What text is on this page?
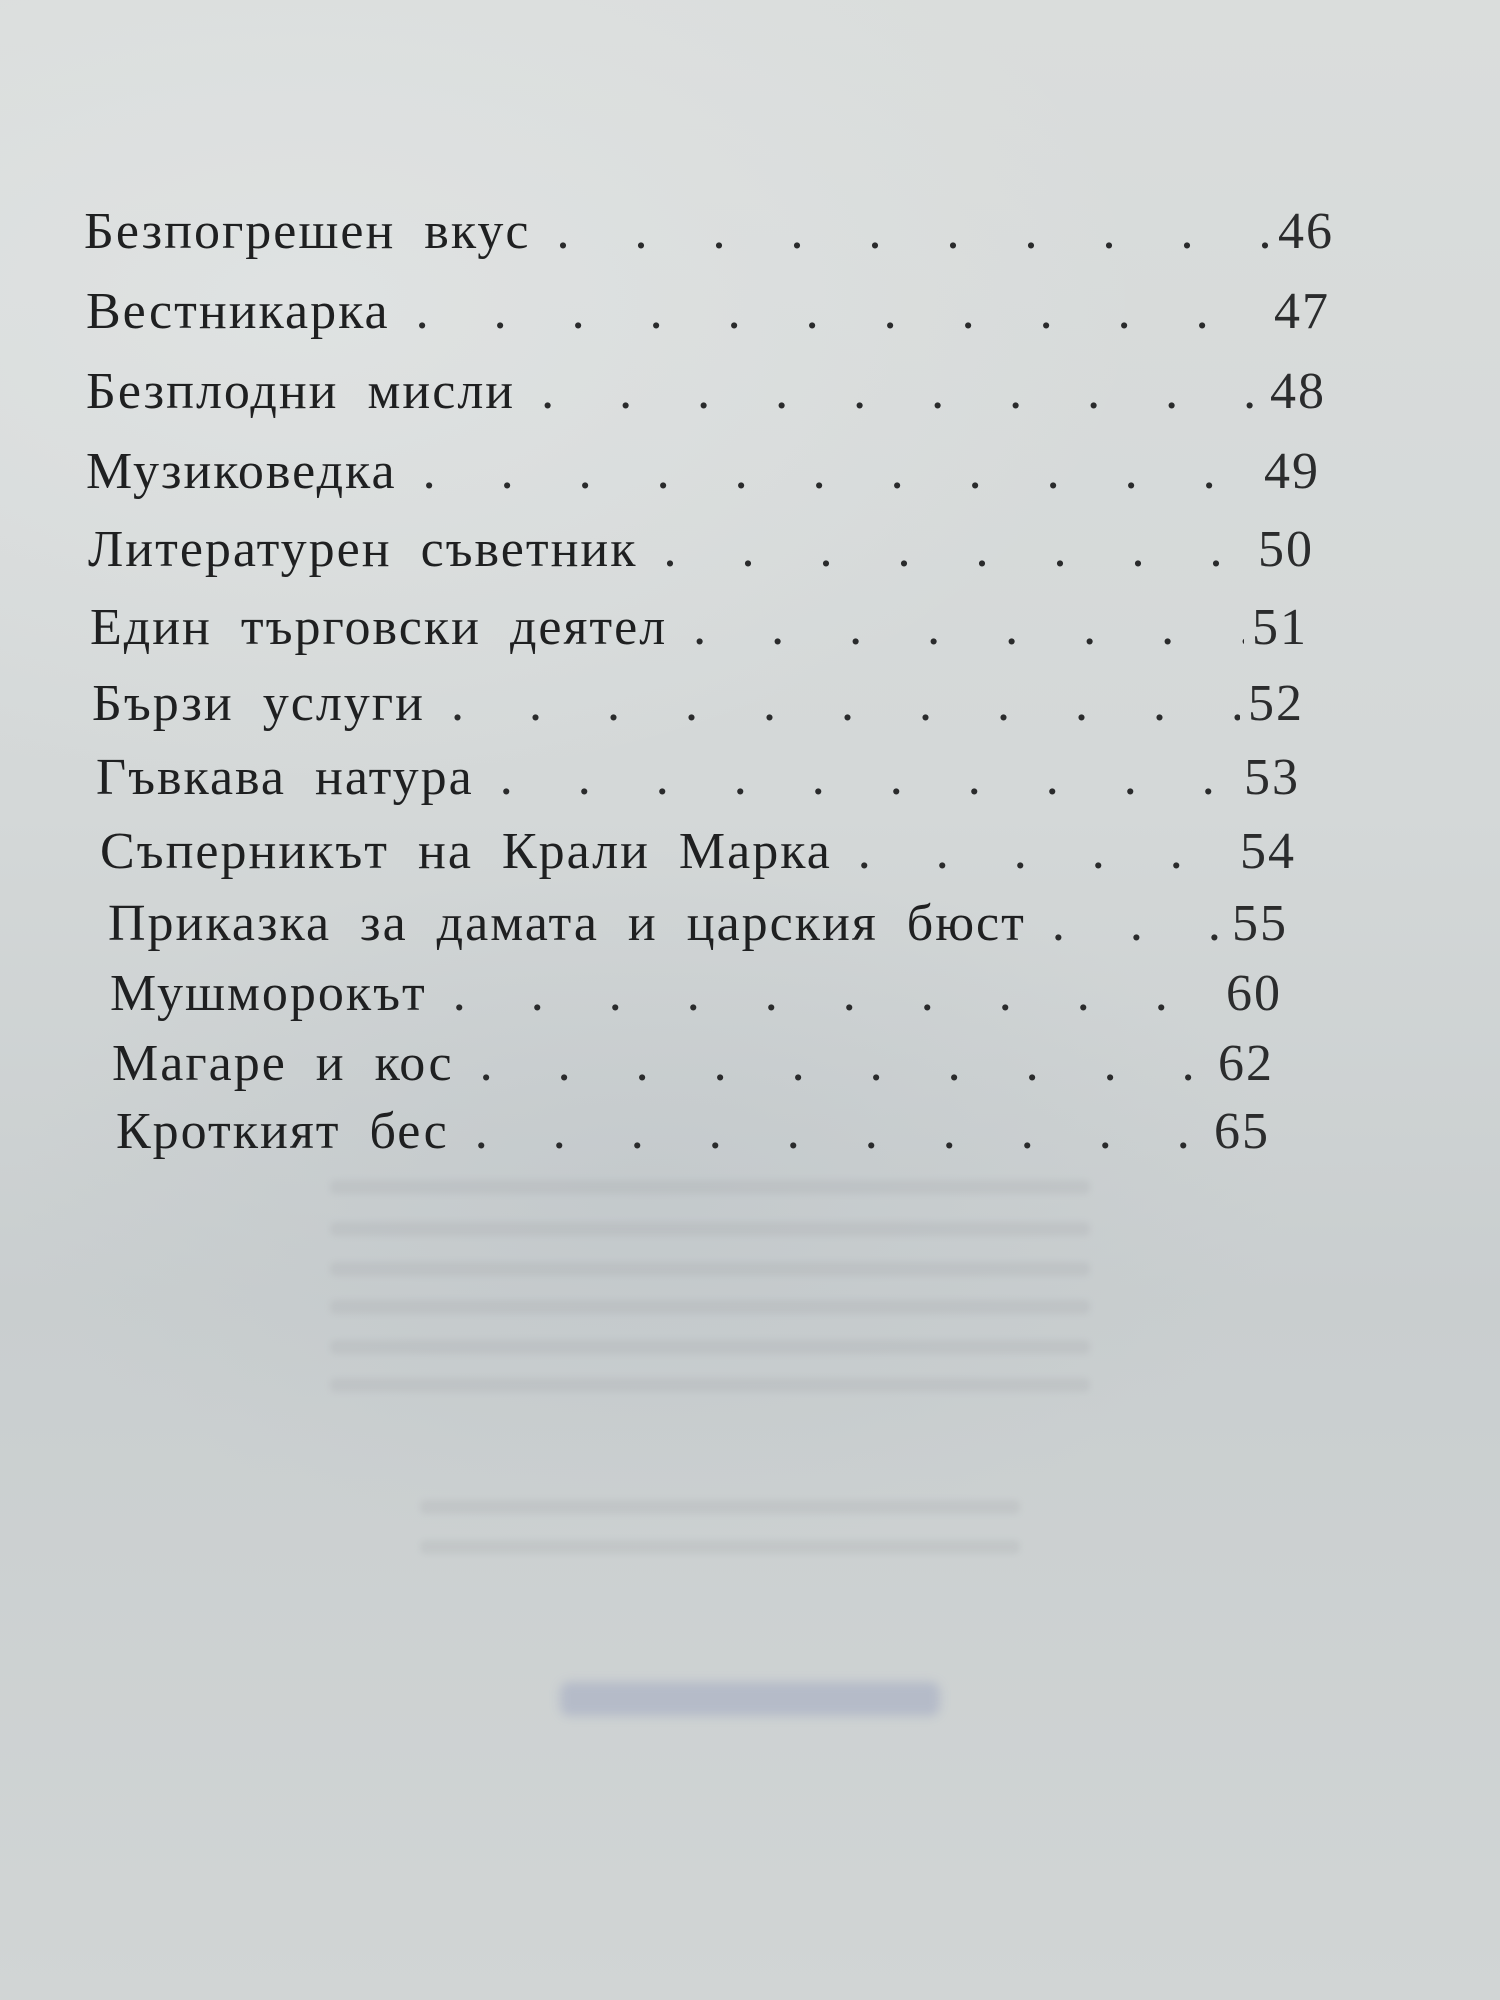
Безпогрешен вкус .	46
Вестникарка .	47
Безплодни мисли .	48
Музиковедка .	49
Литературен съветник .	50
Един търговски деятел .	51
Бързи услуги .	52
Гъвкава натура .	53
Съперникът на Крали Марка .	54
Приказка за дамата и царския бюст .	55
Мушморокът .	60
Магаре и кос .	62
Кроткият бес .	65
